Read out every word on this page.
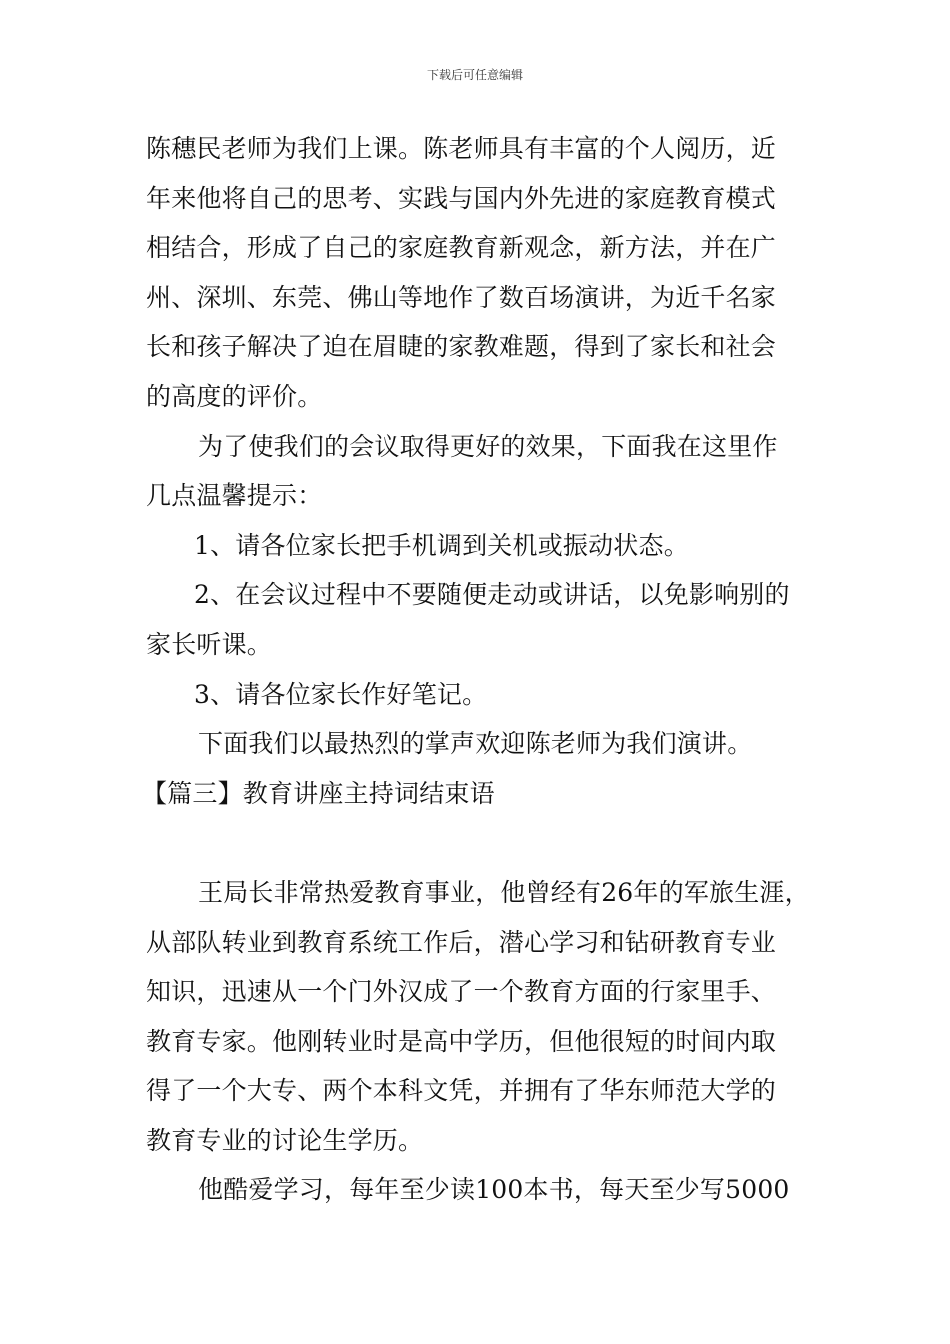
下载后可任意编辑
陈穗民老师为我们上课。陈老师具有丰富的个人阅历，近
年来他将自己的思考、实践与国内外先进的家庭教育模式
相结合，形成了自己的家庭教育新观念，新方法，并在广
州、深圳、东莞、佛山等地作了数百场演讲，为近千名家
长和孩子解决了迫在眉睫的家教难题，得到了家长和社会
的高度的评价。
为了使我们的会议取得更好的效果，下面我在这里作
几点温馨提示：
1、请各位家长把手机调到关机或振动状态。
2、在会议过程中不要随便走动或讲话，以免影响别的
家长听课。
3、请各位家长作好笔记。
下面我们以最热烈的掌声欢迎陈老师为我们演讲。
【篇三】教育讲座主持词结束语
王局长非常热爱教育事业，他曾经有26年的军旅生涯，
从部队转业到教育系统工作后，潜心学习和钻研教育专业
知识，迅速从一个门外汉成了一个教育方面的行家里手、
教育专家。他刚转业时是高中学历，但他很短的时间内取
得了一个大专、两个本科文凭，并拥有了华东师范大学的
教育专业的讨论生学历。
他酷爱学习，每年至少读100本书，每天至少写5000
